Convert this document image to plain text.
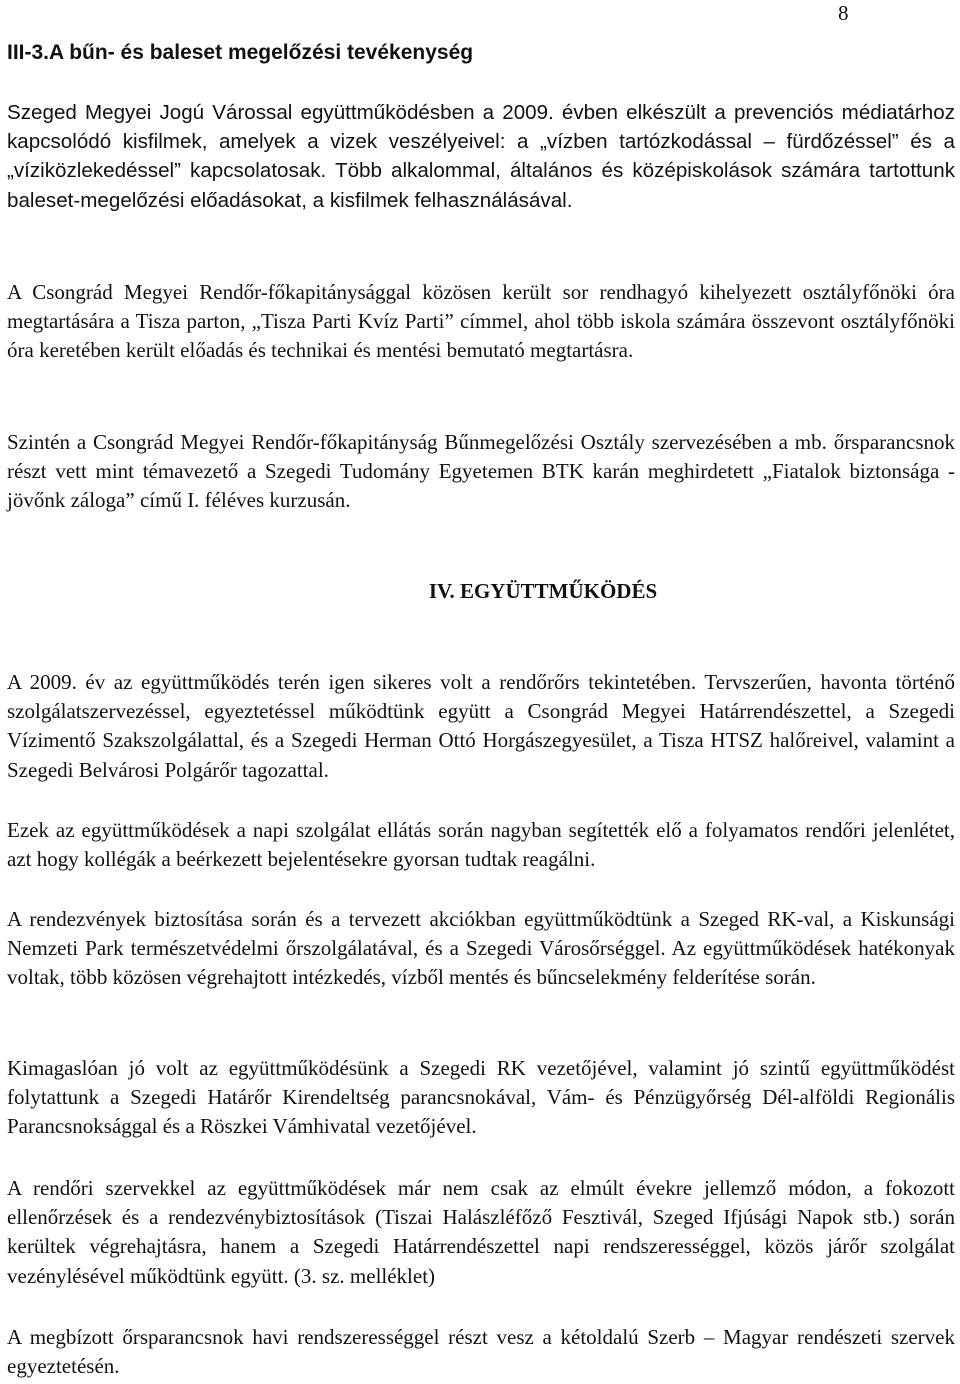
8
III-3.A bűn- és baleset megelőzési tevékenység

Szeged Megyei Jogú Várossal együttműködésben a 2009. évben elkészült a prevenciós médiatárhoz kapcsolódó kisfilmek, amelyek a vizek veszélyeivel: a „vízben tartózkodással – fürdőzéssel” és a „víziközlekedéssel” kapcsolatosak. Több alkalommal, általános és középiskolások számára tartottunk baleset-megelőzési előadásokat, a kisfilmek felhasználásával.

A Csongrád Megyei Rendőr-főkapitánysággal közösen került sor rendhagyó kihelyezett osztályfőnöki óra megtartására a Tisza parton, „Tisza Parti Kvíz Parti” címmel, ahol több iskola számára összevont osztályfőnöki óra keretében került előadás és technikai és mentési bemutató megtartásra.

Szintén a Csongrád Megyei Rendőr-főkapitányság Bűnmegelőzési Osztály szervezésében a mb. őrsparancsnok részt vett mint témavezető a Szegedi Tudomány Egyetemen BTK karán meghirdetett „Fiatalok biztonsága - jövőnk záloga” című I. féléves kurzusán.

IV. EGYÜTTMŰKÖDÉS

A 2009. év az együttműködés terén igen sikeres volt a rendőrőrs tekintetében. Tervszerűen, havonta történő szolgálatszervezéssel, egyeztetéssel működtünk együtt a Csongrád Megyei Határrendészettel, a Szegedi Vízimentő Szakszolgálattal, és a Szegedi Herman Ottó Horgászegyesület, a Tisza HTSZ halőreivel, valamint a Szegedi Belvárosi Polgárőr tagozattal.

Ezek az együttműködések a napi szolgálat ellátás során nagyban segítették elő a folyamatos rendőri jelenlétet, azt hogy kollégák a beérkezett bejelentésekre gyorsan tudtak reagálni.

A rendezvények biztosítása során és a tervezett akciókban együttműködtünk a Szeged RK-val, a Kiskunsági Nemzeti Park természetvédelmi őrszolgálatával, és a Szegedi Városőrséggel. Az együttműködések hatékonyak voltak, több közösen végrehajtott intézkedés, vízből mentés és bűncselekmény felderítése során.

Kimagaslóan jó volt az együttműködésünk a Szegedi RK vezetőjével, valamint jó szintű együttműködést folytattunk a Szegedi Határőr Kirendeltség parancsnokával, Vám- és Pénzügyőrség Dél-alföldi Regionális Parancsnoksággal és a Röszkei Vámhivatal vezetőjével.

A rendőri szervekkel az együttműködések már nem csak az elmúlt évekre jellemző módon, a fokozott ellenőrzések és a rendezvénybiztosítások (Tiszai Halászléfőző Fesztivál, Szeged Ifjúsági Napok stb.) során kerültek végrehajtásra, hanem a Szegedi Határrendészettel napi rendszerességgel, közös járőr szolgálat vezénylésével működtünk együtt. (3. sz. melléklet)

A megbízott őrsparancsnok havi rendszerességgel részt vesz a kétoldalú Szerb – Magyar rendészeti szervek egyeztetésén.
